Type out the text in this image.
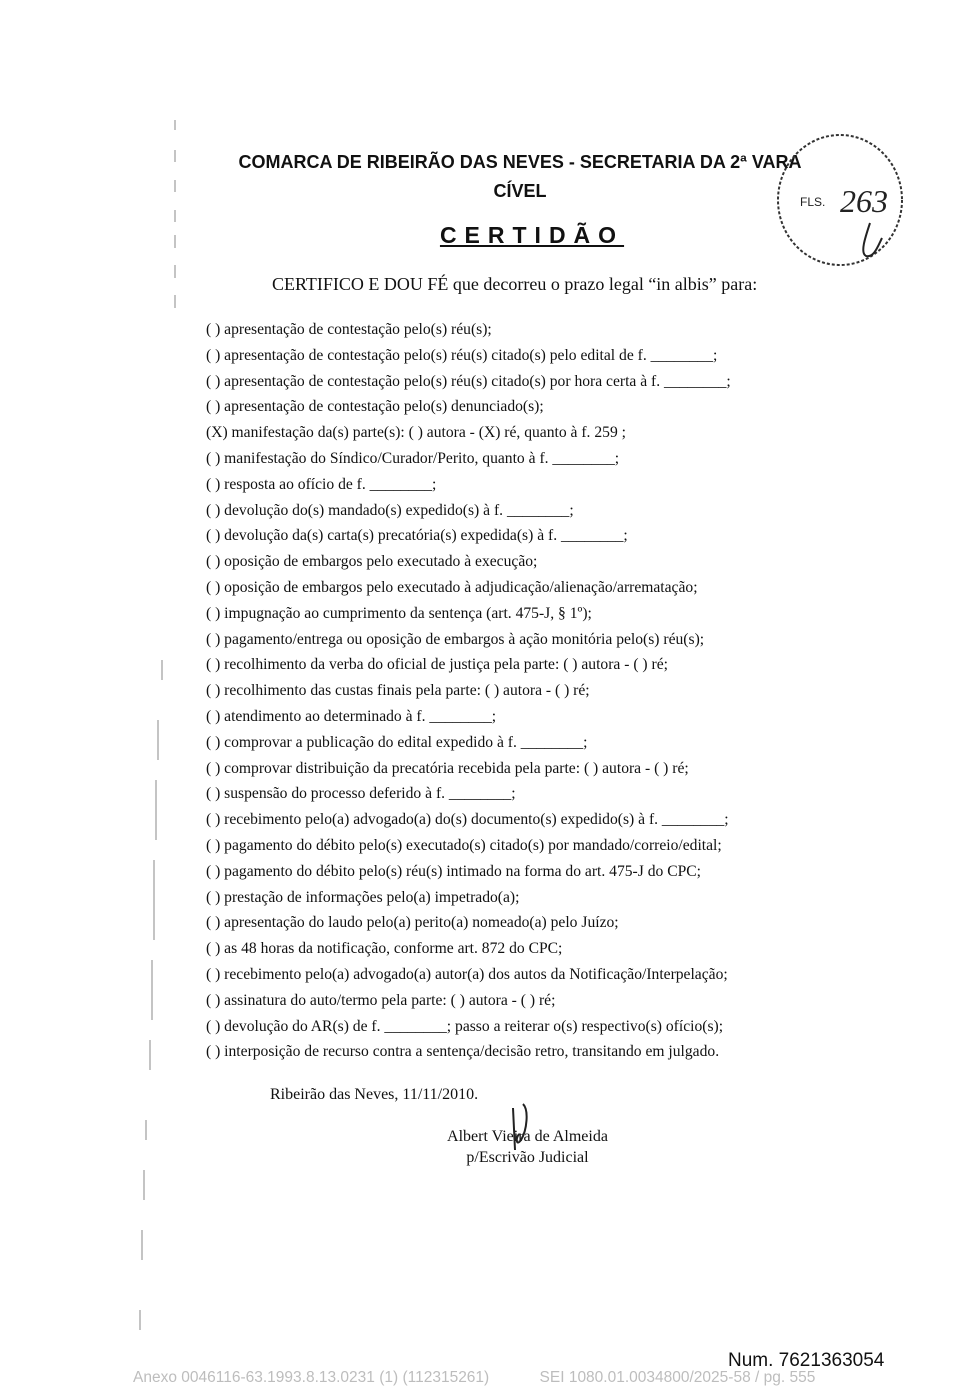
COMARCA DE RIBEIRÃO DAS NEVES - SECRETARIA DA 2ª VARA
CÍVEL
CERTIDÃO
CERTIFICO E DOU FÉ que decorreu o prazo legal “in albis” para:
( ) apresentação de contestação pelo(s) réu(s);
( ) apresentação de contestação pelo(s) réu(s) citado(s) pelo edital de f. ________;
( ) apresentação de contestação pelo(s) réu(s) citado(s) por hora certa à f. ________;
( ) apresentação de contestação pelo(s) denunciado(s);
(X) manifestação da(s) parte(s): ( ) autora - (X) ré, quanto à f. 259 ;
( ) manifestação do Síndico/Curador/Perito, quanto à f. ________;
( ) resposta ao ofício de f. ________;
( ) devolução do(s) mandado(s) expedido(s) à f. ________;
( ) devolução da(s) carta(s) precatória(s) expedida(s) à f. ________;
( ) oposição de embargos pelo executado à execução;
( ) oposição de embargos pelo executado à adjudicação/alienação/arrematação;
( ) impugnação ao cumprimento da sentença (art. 475-J, § 1º);
( ) pagamento/entrega ou oposição de embargos à ação monitória pelo(s) réu(s);
( ) recolhimento da verba do oficial de justiça pela parte: ( ) autora - ( ) ré;
( ) recolhimento das custas finais pela parte: ( ) autora - ( ) ré;
( ) atendimento ao determinado à f. ________;
( ) comprovar a publicação do edital expedido à f. ________;
( ) comprovar distribuição da precatória recebida pela parte: ( ) autora - ( ) ré;
( ) suspensão do processo deferido à f. ________;
( ) recebimento pelo(a) advogado(a) do(s) documento(s) expedido(s) à f. ________;
( ) pagamento do débito pelo(s) executado(s) citado(s) por mandado/correio/edital;
( ) pagamento do débito pelo(s) réu(s) intimado na forma do art. 475-J do CPC;
( ) prestação de informações pelo(a) impetrado(a);
( ) apresentação do laudo pelo(a) perito(a) nomeado(a) pelo Juízo;
( ) as 48 horas da notificação, conforme art. 872 do CPC;
( ) recebimento pelo(a) advogado(a) autor(a) dos autos da Notificação/Interpelação;
( ) assinatura do auto/termo pela parte: ( ) autora - ( ) ré;
( ) devolução do AR(s) de f. ________; passo a reiterar o(s) respectivo(s) ofício(s);
( ) interposição de recurso contra a sentença/decisão retro, transitando em julgado.
Ribeirão das Neves, 11/11/2010.
Albert Vieira de Almeida
p/Escrivão Judicial
FLS. 263
Num. 7621363054
Anexo 0046116-63.1993.8.13.0231 (1) (112315261)	SEI 1080.01.0034800/2025-58 / pg. 555
